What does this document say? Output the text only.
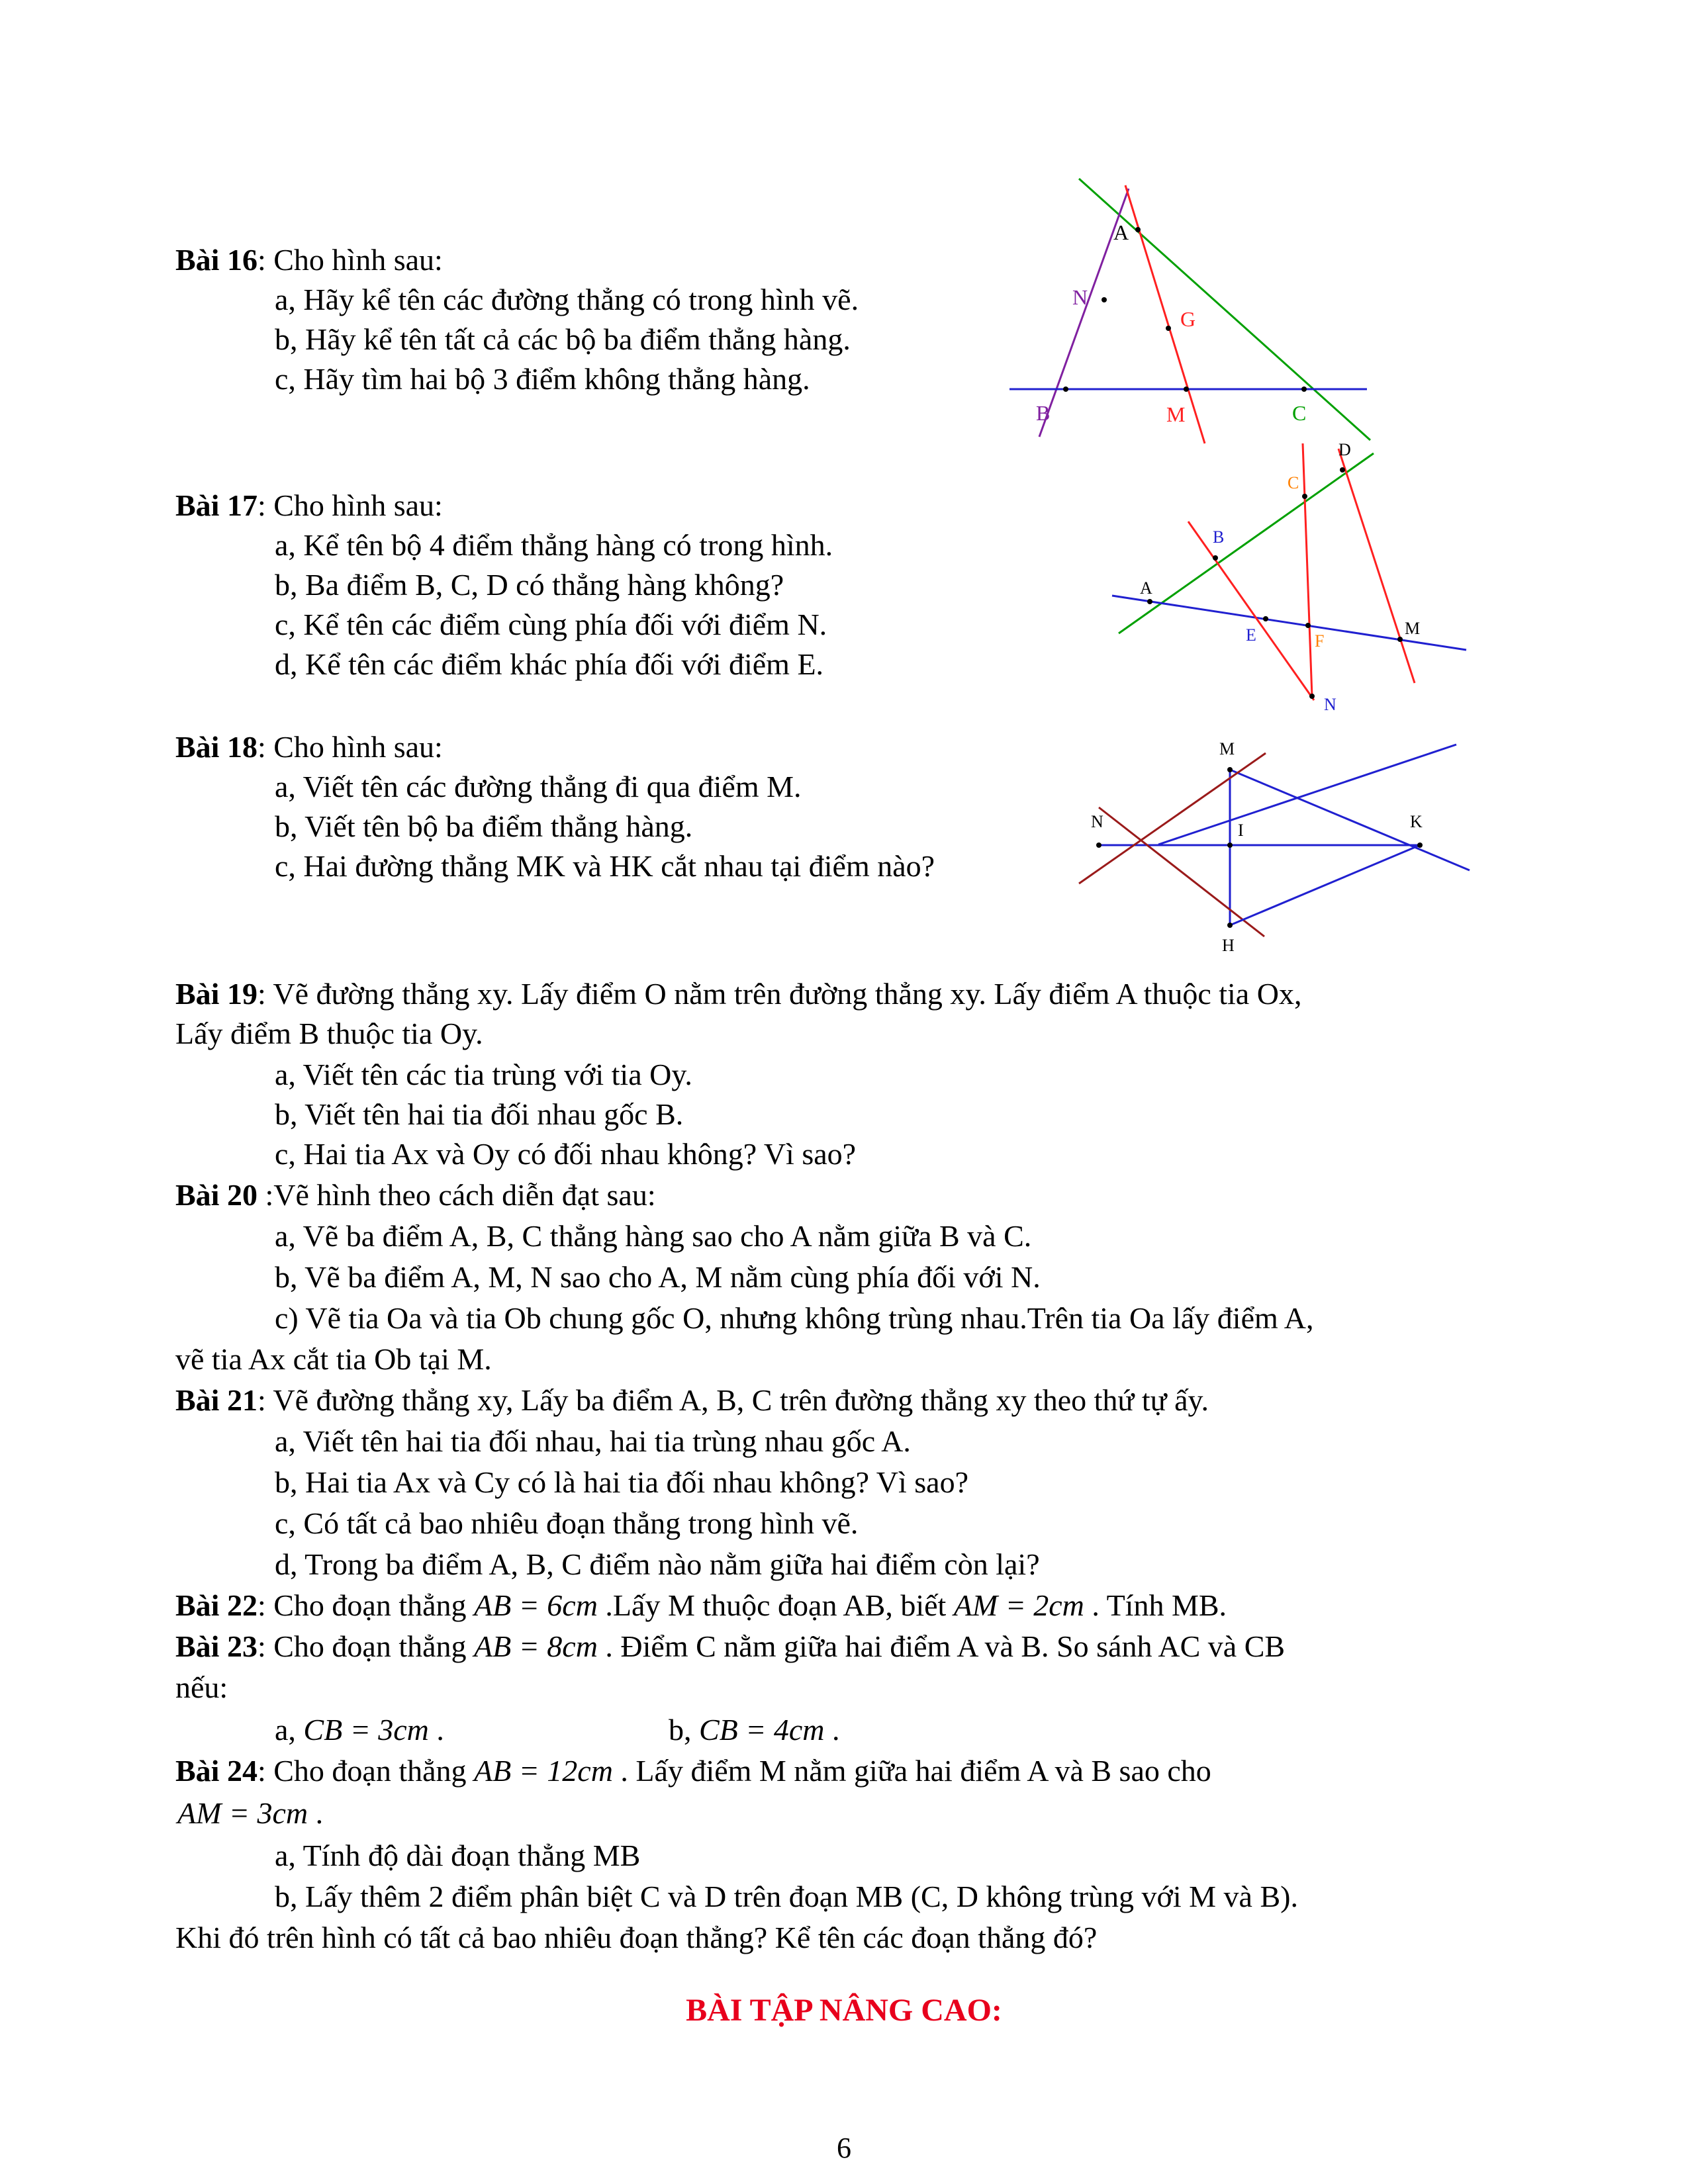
Bài 16: Cho hình sau:
a, Hãy kể tên các đường thẳng có trong hình vẽ.
b, Hãy kể tên tất cả các bộ ba điểm thẳng hàng.
c, Hãy tìm hai bộ 3 điểm không thẳng hàng.
A
N
G
B	M	C
Bài 17: Cho hình sau:
a, Kể tên bộ 4 điểm thẳng hàng có trong hình.
b, Ba điểm B, C, D có thẳng hàng không?
c, Kể tên các điểm cùng phía đối với điểm N.
d, Kể tên các điểm khác phía đối với điểm E.
D
C
B
A
E	F
M
N
Bài 18: Cho hình sau:
a, Viết tên các đường thẳng đi qua điểm M.
b, Viết tên bộ ba điểm thẳng hàng.
c, Hai đường thẳng MK và HK cắt nhau tại điểm nào?
M
N	I	K
H
Bài 19: Vẽ đường thẳng xy. Lấy điểm O nằm trên đường thẳng xy. Lấy điểm A thuộc tia Ox,
Lấy điểm B thuộc tia Oy.
a, Viết tên các tia trùng với tia Oy.
b, Viết tên hai tia đối nhau gốc B.
c, Hai tia Ax và Oy có đối nhau không? Vì sao?
Bài 20 :Vẽ hình theo cách diễn đạt sau:
a, Vẽ ba điểm A, B, C thẳng hàng sao cho A nằm giữa B và C.
b, Vẽ ba điểm A, M, N sao cho A, M nằm cùng phía đối với N.
c) Vẽ tia Oa và tia Ob chung gốc O, nhưng không trùng nhau.Trên tia Oa lấy điểm A,
vẽ tia Ax cắt tia Ob tại M.
Bài 21: Vẽ đường thẳng xy, Lấy ba điểm A, B, C trên đường thẳng xy theo thứ tự ấy.
a, Viết tên hai tia đối nhau, hai tia trùng nhau gốc A.
b, Hai tia Ax và Cy có là hai tia đối nhau không? Vì sao?
c, Có tất cả bao nhiêu đoạn thẳng trong hình vẽ.
d, Trong ba điểm A, B, C điểm nào nằm giữa hai điểm còn lại?
Bài 22: Cho đoạn thẳng AB = 6cm .Lấy M thuộc đoạn AB, biết AM = 2cm . Tính MB.
Bài 23: Cho đoạn thẳng AB = 8cm . Điểm C nằm giữa hai điểm A và B. So sánh AC và CB
nếu:
a, CB = 3cm .	b, CB = 4cm .
Bài 24: Cho đoạn thẳng AB = 12cm . Lấy điểm M nằm giữa hai điểm A và B sao cho
AM = 3cm .
a, Tính độ dài đoạn thẳng MB
b, Lấy thêm 2 điểm phân biệt C và D trên đoạn MB (C, D không trùng với M và B).
Khi đó trên hình có tất cả bao nhiêu đoạn thẳng? Kể tên các đoạn thẳng đó?
BÀI TẬP NÂNG CAO:
6
